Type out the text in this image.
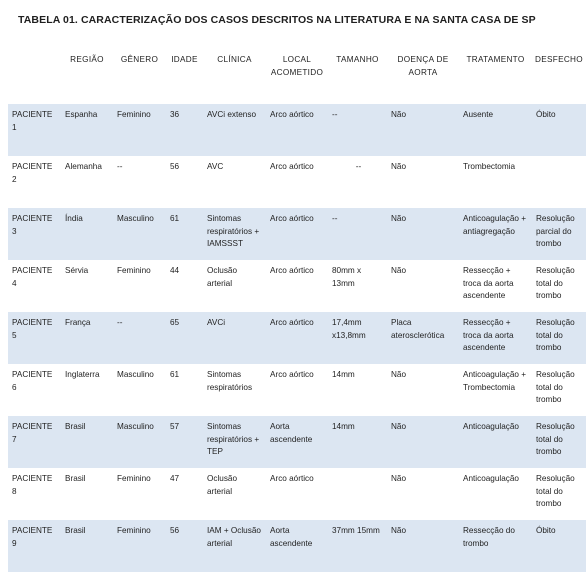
TABELA 01. CARACTERIZAÇÃO DOS CASOS DESCRITOS NA LITERATURA E NA SANTA CASA DE SP
	REGIÃO	GÊNERO	IDADE	CLÍNICA	LOCAL ACOMETIDO	TAMANHO	DOENÇA DE AORTA	TRATAMENTO	DESFECHO
PACIENTE 1	Espanha	Feminino	36	AVCi extenso	Arco aórtico	--	Não	Ausente	Óbito
PACIENTE 2	Alemanha	--	56	AVC	Arco aórtico	--	Não	Trombectomia	
PACIENTE 3	Índia	Masculino	61	Sintomas respiratórios + IAMSSST	Arco aórtico	--	Não	Anticoagulação + antiagregação	Resolução parcial do trombo
PACIENTE 4	Sérvia	Feminino	44	Oclusão arterial	Arco aórtico	80mm x 13mm	Não	Ressecção + troca da aorta ascendente	Resolução total do trombo
PACIENTE 5	França	--	65	AVCi	Arco aórtico	17,4mm x13,8mm	Placa aterosclerótica	Ressecção + troca da aorta ascendente	Resolução total do trombo
PACIENTE 6	Inglaterra	Masculino	61	Sintomas respiratórios	Arco aórtico	14mm	Não	Anticoagulação + Trombectomia	Resolução total do trombo
PACIENTE 7	Brasil	Masculino	57	Sintomas respiratórios + TEP	Aorta ascendente	14mm	Não	Anticoagulação	Resolução total do trombo
PACIENTE 8	Brasil	Feminino	47	Oclusão arterial	Arco aórtico		Não	Anticoagulação	Resolução total do trombo
PACIENTE 9	Brasil	Feminino	56	IAM + Oclusão arterial	Aorta ascendente	37mm 15mm	Não	Ressecção do trombo	Óbito
